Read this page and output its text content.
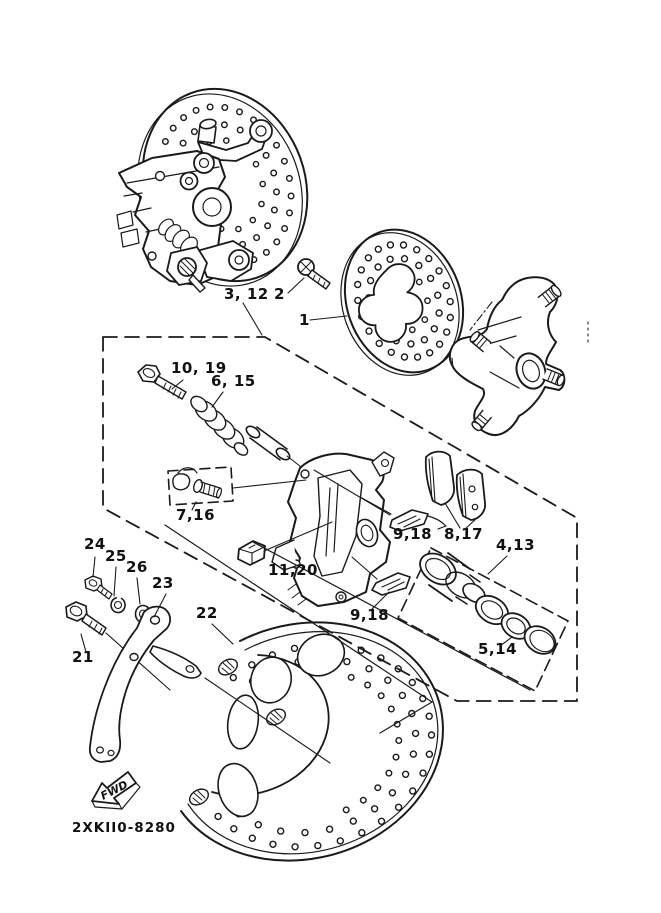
FWD
1
2
3, 12
10, 19
6, 15
7,16
11,20
9,18 8,17
4,13
5,14
9,18
24
25
26
23
22
21
2XKII0-8280
